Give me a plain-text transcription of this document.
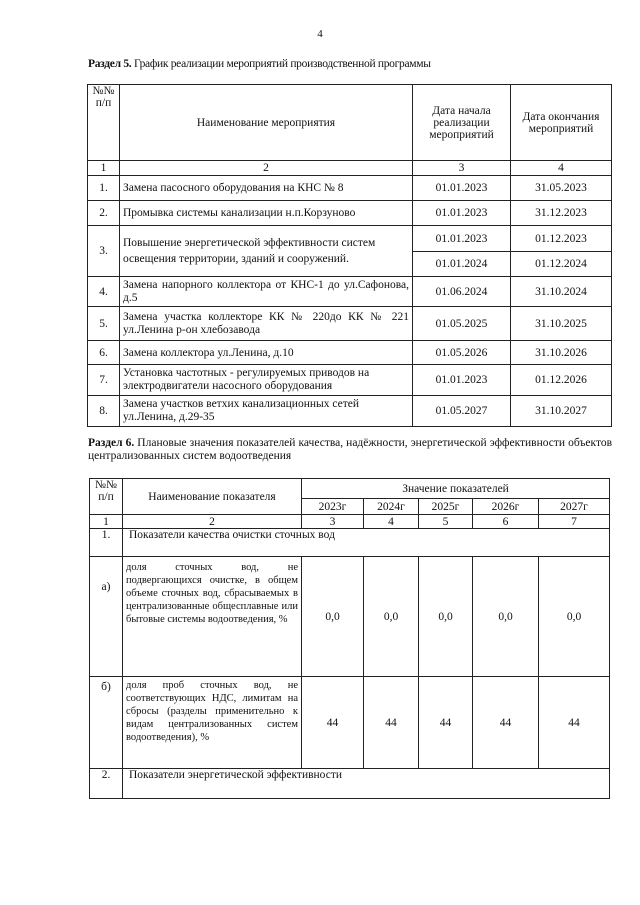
4
Раздел 5. График реализации мероприятий производственной программы
№№ п/п	Наименование мероприятия	Дата начала реализации мероприятий	Дата окончания мероприятий
1	2	3	4
1.	Замена пасосного оборудования на КНС № 8	01.01.2023	31.05.2023
2.	Промывка системы канализации н.п.Корзуново	01.01.2023	31.12.2023
3.	Повышение энергетической эффективности систем освещения территории, зданий и сооружений.	01.01.2023	01.12.2023
		01.01.2024	01.12.2024
4.	Замена напорного коллектора от КНС-1 до ул.Сафонова, д.5	01.06.2024	31.10.2024
5.	Замена участка коллекторе КК № 220до КК № 221 ул.Ленина р-он хлебозавода	01.05.2025	31.10.2025
6.	Замена коллектора ул.Ленина, д.10	01.05.2026	31.10.2026
7.	Установка частотных - регулируемых приводов на электродвигатели насосного оборудования	01.01.2023	01.12.2026
8.	Замена участков ветхих канализационных сетей ул.Ленина, д.29-35	01.05.2027	31.10.2027
Раздел 6. Плановые значения показателей качества, надёжности, энергетической эффективности объектов централизованных систем водоотведения
№№ п/п	Наименование показателя	Значение показателей				
		2023г	2024г	2025г	2026г	2027г
1	2	3	4	5	6	7
1.	Показатели качества очистки сточных вод					
а)	доля сточных вод, не подвергающихся очистке, в общем объеме сточных вод, сбрасываемых в централизованные общесплавные или бытовые системы водоотведения, %	0,0	0,0	0,0	0,0	0,0
б)	доля проб сточных вод, не соответствующих НДС, лимитам на сбросы (разделы применительно к видам централизованных систем водоотведения), %	44	44	44	44	44
2.	Показатели энергетической эффективности					
